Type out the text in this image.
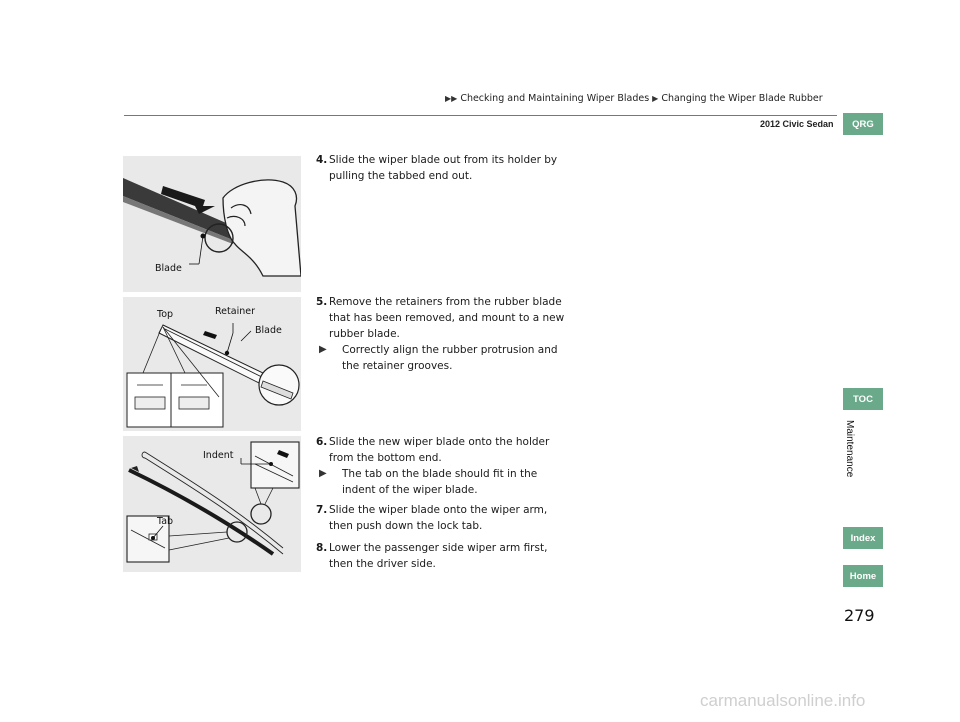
▶▶ Checking and Maintaining Wiper Blades ▶ Changing the Wiper Blade Rubber
2012 Civic Sedan	QRG
TOC
Index
Home
Maintenance
Blade
Top	Retainer
Blade
Indent
Tab
4. Slide the wiper blade out from its holder by pulling the tabbed end out.
5. Remove the retainers from the rubber blade that has been removed, and mount to a new rubber blade.
▶	Correctly align the rubber protrusion and the retainer grooves.
6. Slide the new wiper blade onto the holder from the bottom end.
▶	The tab on the blade should fit in the indent of the wiper blade.
7. Slide the wiper blade onto the wiper arm, then push down the lock tab.
8. Lower the passenger side wiper arm first, then the driver side.
279
carmanualsonline.info
